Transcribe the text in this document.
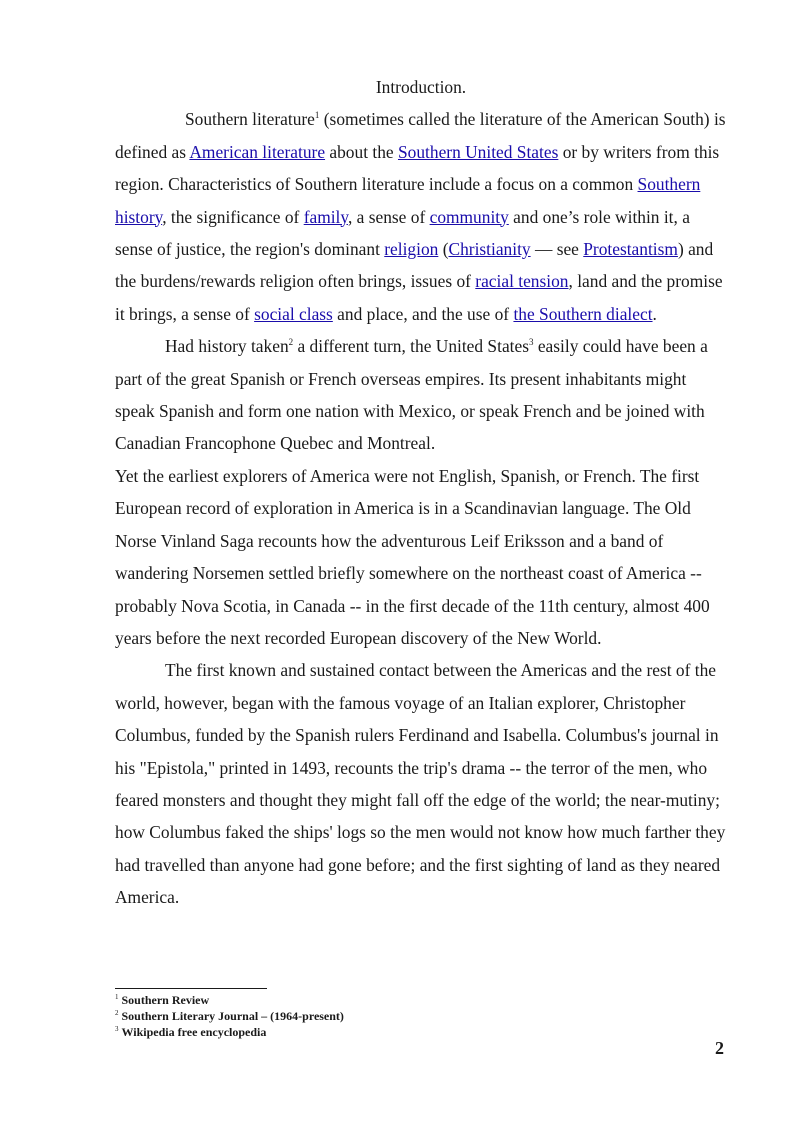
Introduction.

Southern literature$^1$ (sometimes called the literature of the American South) is defined as American literature about the Southern United States or by writers from this region. Characteristics of Southern literature include a focus on a common Southern history, the significance of family, a sense of community and one’s role within it, a sense of justice, the region's dominant religion (Christianity — see Protestantism) and the burdens/rewards religion often brings, issues of racial tension, land and the promise it brings, a sense of social class and place, and the use of the Southern dialect.

Had history taken$^2$ a different turn, the United States$^3$ easily could have been a part of the great Spanish or French overseas empires. Its present inhabitants might speak Spanish and form one nation with Mexico, or speak French and be joined with Canadian Francophone Quebec and Montreal.

Yet the earliest explorers of America were not English, Spanish, or French. The first European record of exploration in America is in a Scandinavian language. The Old Norse Vinland Saga recounts how the adventurous Leif Eriksson and a band of wandering Norsemen settled briefly somewhere on the northeast coast of America -- probably Nova Scotia, in Canada -- in the first decade of the 11th century, almost 400 years before the next recorded European discovery of the New World.

The first known and sustained contact between the Americas and the rest of the world, however, began with the famous voyage of an Italian explorer, Christopher Columbus, funded by the Spanish rulers Ferdinand and Isabella. Columbus's journal in his "Epistola," printed in 1493, recounts the trip's drama -- the terror of the men, who feared monsters and thought they might fall off the edge of the world; the near-mutiny; how Columbus faked the ships' logs so the men would not know how much farther they had travelled than anyone had gone before; and the first sighting of land as they neared America.

$^1$ Southern Review

$^2$ Southern Literary Journal – (1964-present)

$^3$ Wikipedia free encyclopedia

2
